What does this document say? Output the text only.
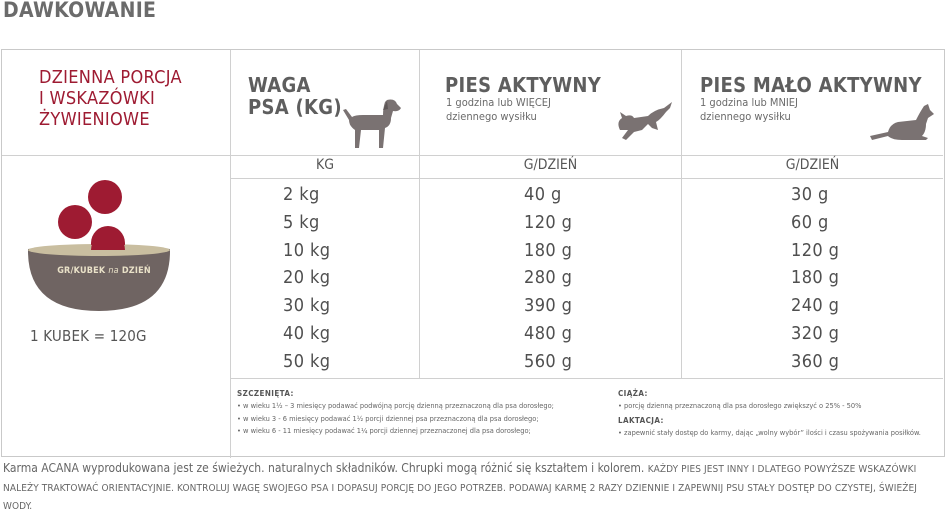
DAWKOWANIE
DZIENNA PORCJA
I WSKAZÓWKI
ŻYWIENIOWE
GR/KUBEK na DZIEŃ
1 KUBEK = 120G
WAGA
PSA (KG)
KG
PIES AKTYWNY
1 godzina lub WIĘCEJ
dziennego wysiłku
G/DZIEŃ
PIES MAŁO AKTYWNY
1 godzina lub MNIEJ
dziennego wysiłku
G/DZIEŃ
2 kg
5 kg
10 kg
20 kg
30 kg
40 kg
50 kg
40 g
120 g
180 g
280 g
390 g
480 g
560 g
30 g
60 g
120 g
180 g
240 g
320 g
360 g
SZCZENIĘTA:
• w wieku 1½ – 3 miesięcy podawać podwójną porcję dzienną przeznaczoną dla psa dorosłego;
• w wieku 3 - 6 miesięcy podawać 1½ porcji dziennej psa przeznaczoną dla psa dorosłego;
• w wieku 6 - 11 miesięcy podawać 1¼ porcji dziennej przeznaczonej dla psa dorosłego;
CIĄŻA:
• porcję dzienną przeznaczoną dla psa dorosłego zwiększyć o 25% - 50%
LAKTACJA:
• zapewnić stały dostęp do karmy, dając „wolny wybór” ilości i czasu spożywania posiłków.
Karma ACANA wyprodukowana jest ze świeżych. naturalnych składników. Chrupki mogą różnić się kształtem i kolorem. KAŻDY PIES JEST INNY I DLATEGO POWYŻSZE WSKAZÓWKI NALEŻY TRAKTOWAĆ ORIENTACYJNIE. KONTROLUJ WAGĘ SWOJEGO PSA I DOPASUJ PORCJĘ DO JEGO POTRZEB. PODAWAJ KARMĘ 2 RAZY DZIENNIE I ZAPEWNIJ PSU STAŁY DOSTĘP DO CZYSTEJ, ŚWIEŻEJ WODY.
